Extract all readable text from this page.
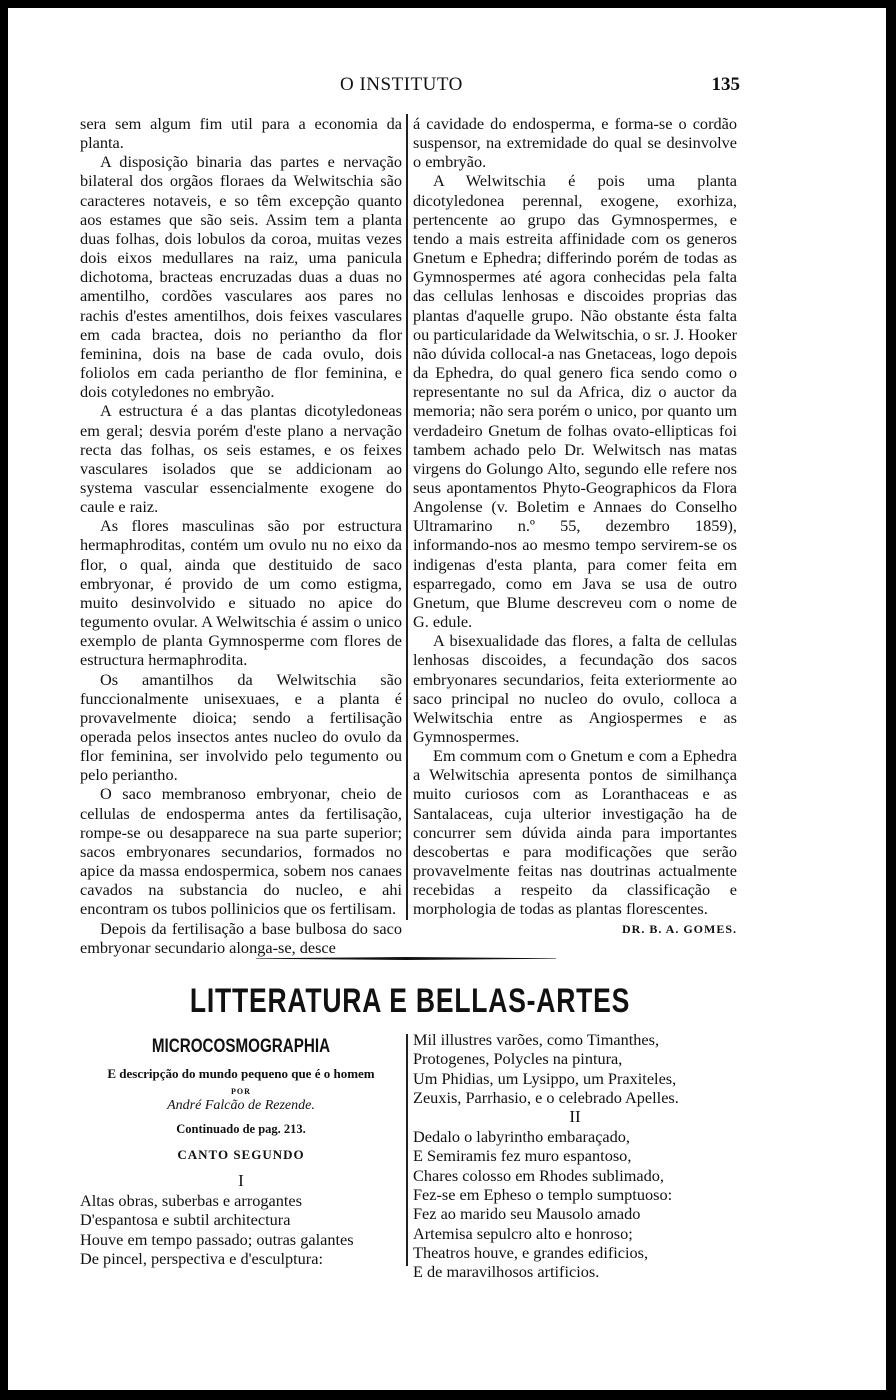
O INSTITUTO	135

sera sem algum fim util para a economia da planta.

A disposição binaria das partes e nervação bilateral dos orgãos floraes da Welwitschia são caracteres notaveis, e so têm excepção quanto aos estames que são seis. Assim tem a planta duas folhas, dois lobulos da coroa, muitas vezes dois eixos medullares na raiz, uma panicula dichotoma, bracteas encruzadas duas a duas no amentilho, cordões vasculares aos pares no rachis d'estes amentilhos, dois feixes vasculares em cada bractea, dois no perianthο da flor feminina, dois na base de cada ovulo, dois foliolos em cada perianthο de flor feminina, e dois cotyledones no embryão.

A estructura é a das plantas dicotyledoneas em geral; desvia porém d'este plano a nervação recta das folhas, os seis estames, e os feixes vasculares isolados que se addicionam ao systema vascular essencialmente exogene do caule e raiz.

As flores masculinas são por estructura hermaphroditas, contém um ovulo nu no eixo da flor, o qual, ainda que destituido de saco embryonar, é provido de um como estigma, muito desinvolvido e situado no apice do tegumento ovular. A Welwitschia é assim o unico exemplo de planta Gymnosperme com flores de estructura hermaphrodita.

Os amantilhos da Welwitschia são funccionalmente unisexuaes, e a planta é provavelmente dioica; sendo a fertilisação operada pelos insectos antes nucleo do ovulo da flor feminina, ser involvido pelo tegumento ou pelo perianthο.

O saco membranoso embryonar, cheio de cellulas de endosperma antes da fertilisação, rompe-se ou desapparece na sua parte superior; sacos embryonares secundarios, formados no apice da massa endospermica, sobem nos canaes cavados na substancia do nucleo, e ahi encontram os tubos pollinicios que os fertilisam.

Depois da fertilisação a base bulbosa do saco embryonar secundario alonga-se, desce

á cavidade do endosperma, e forma-se o cordão suspensor, na extremidade do qual se desinvolve o embryão.

A Welwitschia é pois uma planta dicotyledonea perennal, exogene, exorhiza, pertencente ao grupo das Gymnospermes, e tendo a mais estreita affinidade com os generos Gnetum e Ephedra; differindo porém de todas as Gymnospermes até agora conhecidas pela falta das cellulas lenhosas e discoides proprias das plantas d'aquelle grupo. Não obstante ésta falta ou particularidade da Welwitschia, o sr. J. Hooker não dúvida collocal-a nas Gnetaceas, logo depois da Ephedra, do qual genero fica sendo como o representante no sul da Africa, diz o auctor da memoria; não sera porém o unico, por quanto um verdadeiro Gnetum de folhas ovato-ellipticas foi tambem achado pelo Dr. Welwitsch nas matas virgens do Golungo Alto, segundo elle refere nos seus apontamentos Phyto-Geographicos da Flora Angolense (v. Boletim e Annaes do Conselho Ultramarino n.º 55, dezembro 1859), informando-nos ao mesmo tempo servirem-se os indigenas d'esta planta, para comer feita em esparregado, como em Java se usa de outro Gnetum, que Blume descreveu com o nome de G. edule.

A bisexualidade das flores, a falta de cellulas lenhosas discoides, a fecundação dos sacos embryonares secundarios, feita exteriormente ao saco principal no nucleo do ovulo, colloca a Welwitschia entre as Angiospermes e as Gymnospermes.

Em commum com o Gnetum e com a Ephedra a Welwitschia apresenta pontos de similhança muito curiosos com as Loranthaceas e as Santalaceas, cuja ulterior investigação ha de concurrer sem dúvida ainda para importantes descobertas e para modificações que serão provavelmente feitas nas doutrinas actualmente recebidas a respeito da classificação e morphologia de todas as plantas florescentes.

DR. B. A. GOMES.
LITTERATURA E BELLAS-ARTES
MICROCOSMOGRAPHIA
E descripção do mundo pequeno que é o homem
POR
André Falcão de Rezende.
Continuado de pag. 213.
CANTO SEGUNDO
I
Altas obras, suberbas e arrogantes
D'espantosa e subtil architectura
Houve em tempo passado; outras galantes
De pincel, perspectiva e d'esculptura:
Mil illustres varões, como Timanthes,
Protogenes, Polycles na pintura,
Um Phidias, um Lysippo, um Praxiteles,
Zeuxis, Parrhasio, e o celebrado Apelles.
II
Dedalo o labyrintho embaraçado,
E Semiramis fez muro espantoso,
Chares colosso em Rhodes sublimado,
Fez-se em Epheso o templo sumptuoso:
Fez ao marido seu Mausolo amado
Artemisa sepulcro alto e honroso;
Theatros houve, e grandes edificios,
E de maravilhosos artificios.
